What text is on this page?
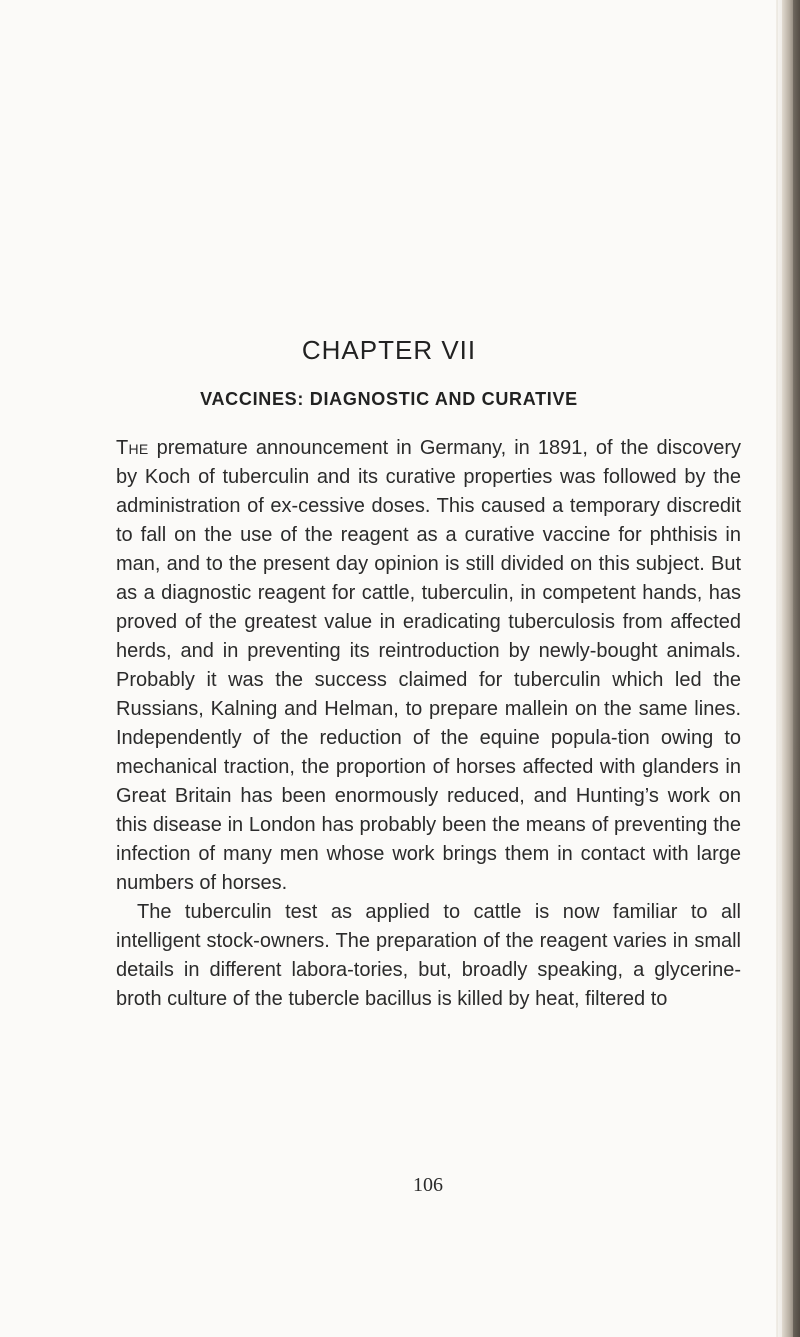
CHAPTER VII
VACCINES: DIAGNOSTIC AND CURATIVE

The premature announcement in Germany, in 1891, of the discovery by Koch of tuberculin and its curative properties was followed by the administration of ex-cessive doses. This caused a temporary discredit to fall on the use of the reagent as a curative vaccine for phthisis in man, and to the present day opinion is still divided on this subject. But as a diagnostic reagent for cattle, tuberculin, in competent hands, has proved of the greatest value in eradicating tuberculosis from affected herds, and in preventing its reintroduction by newly-bought animals. Probably it was the success claimed for tuberculin which led the Russians, Kalning and Helman, to prepare mallein on the same lines. Independently of the reduction of the equine popula-tion owing to mechanical traction, the proportion of horses affected with glanders in Great Britain has been enormously reduced, and Hunting’s work on this disease in London has probably been the means of preventing the infection of many men whose work brings them in contact with large numbers of horses.

The tuberculin test as applied to cattle is now familiar to all intelligent stock-owners. The preparation of the reagent varies in small details in different labora-tories, but, broadly speaking, a glycerine-broth culture of the tubercle bacillus is killed by heat, filtered to

106
